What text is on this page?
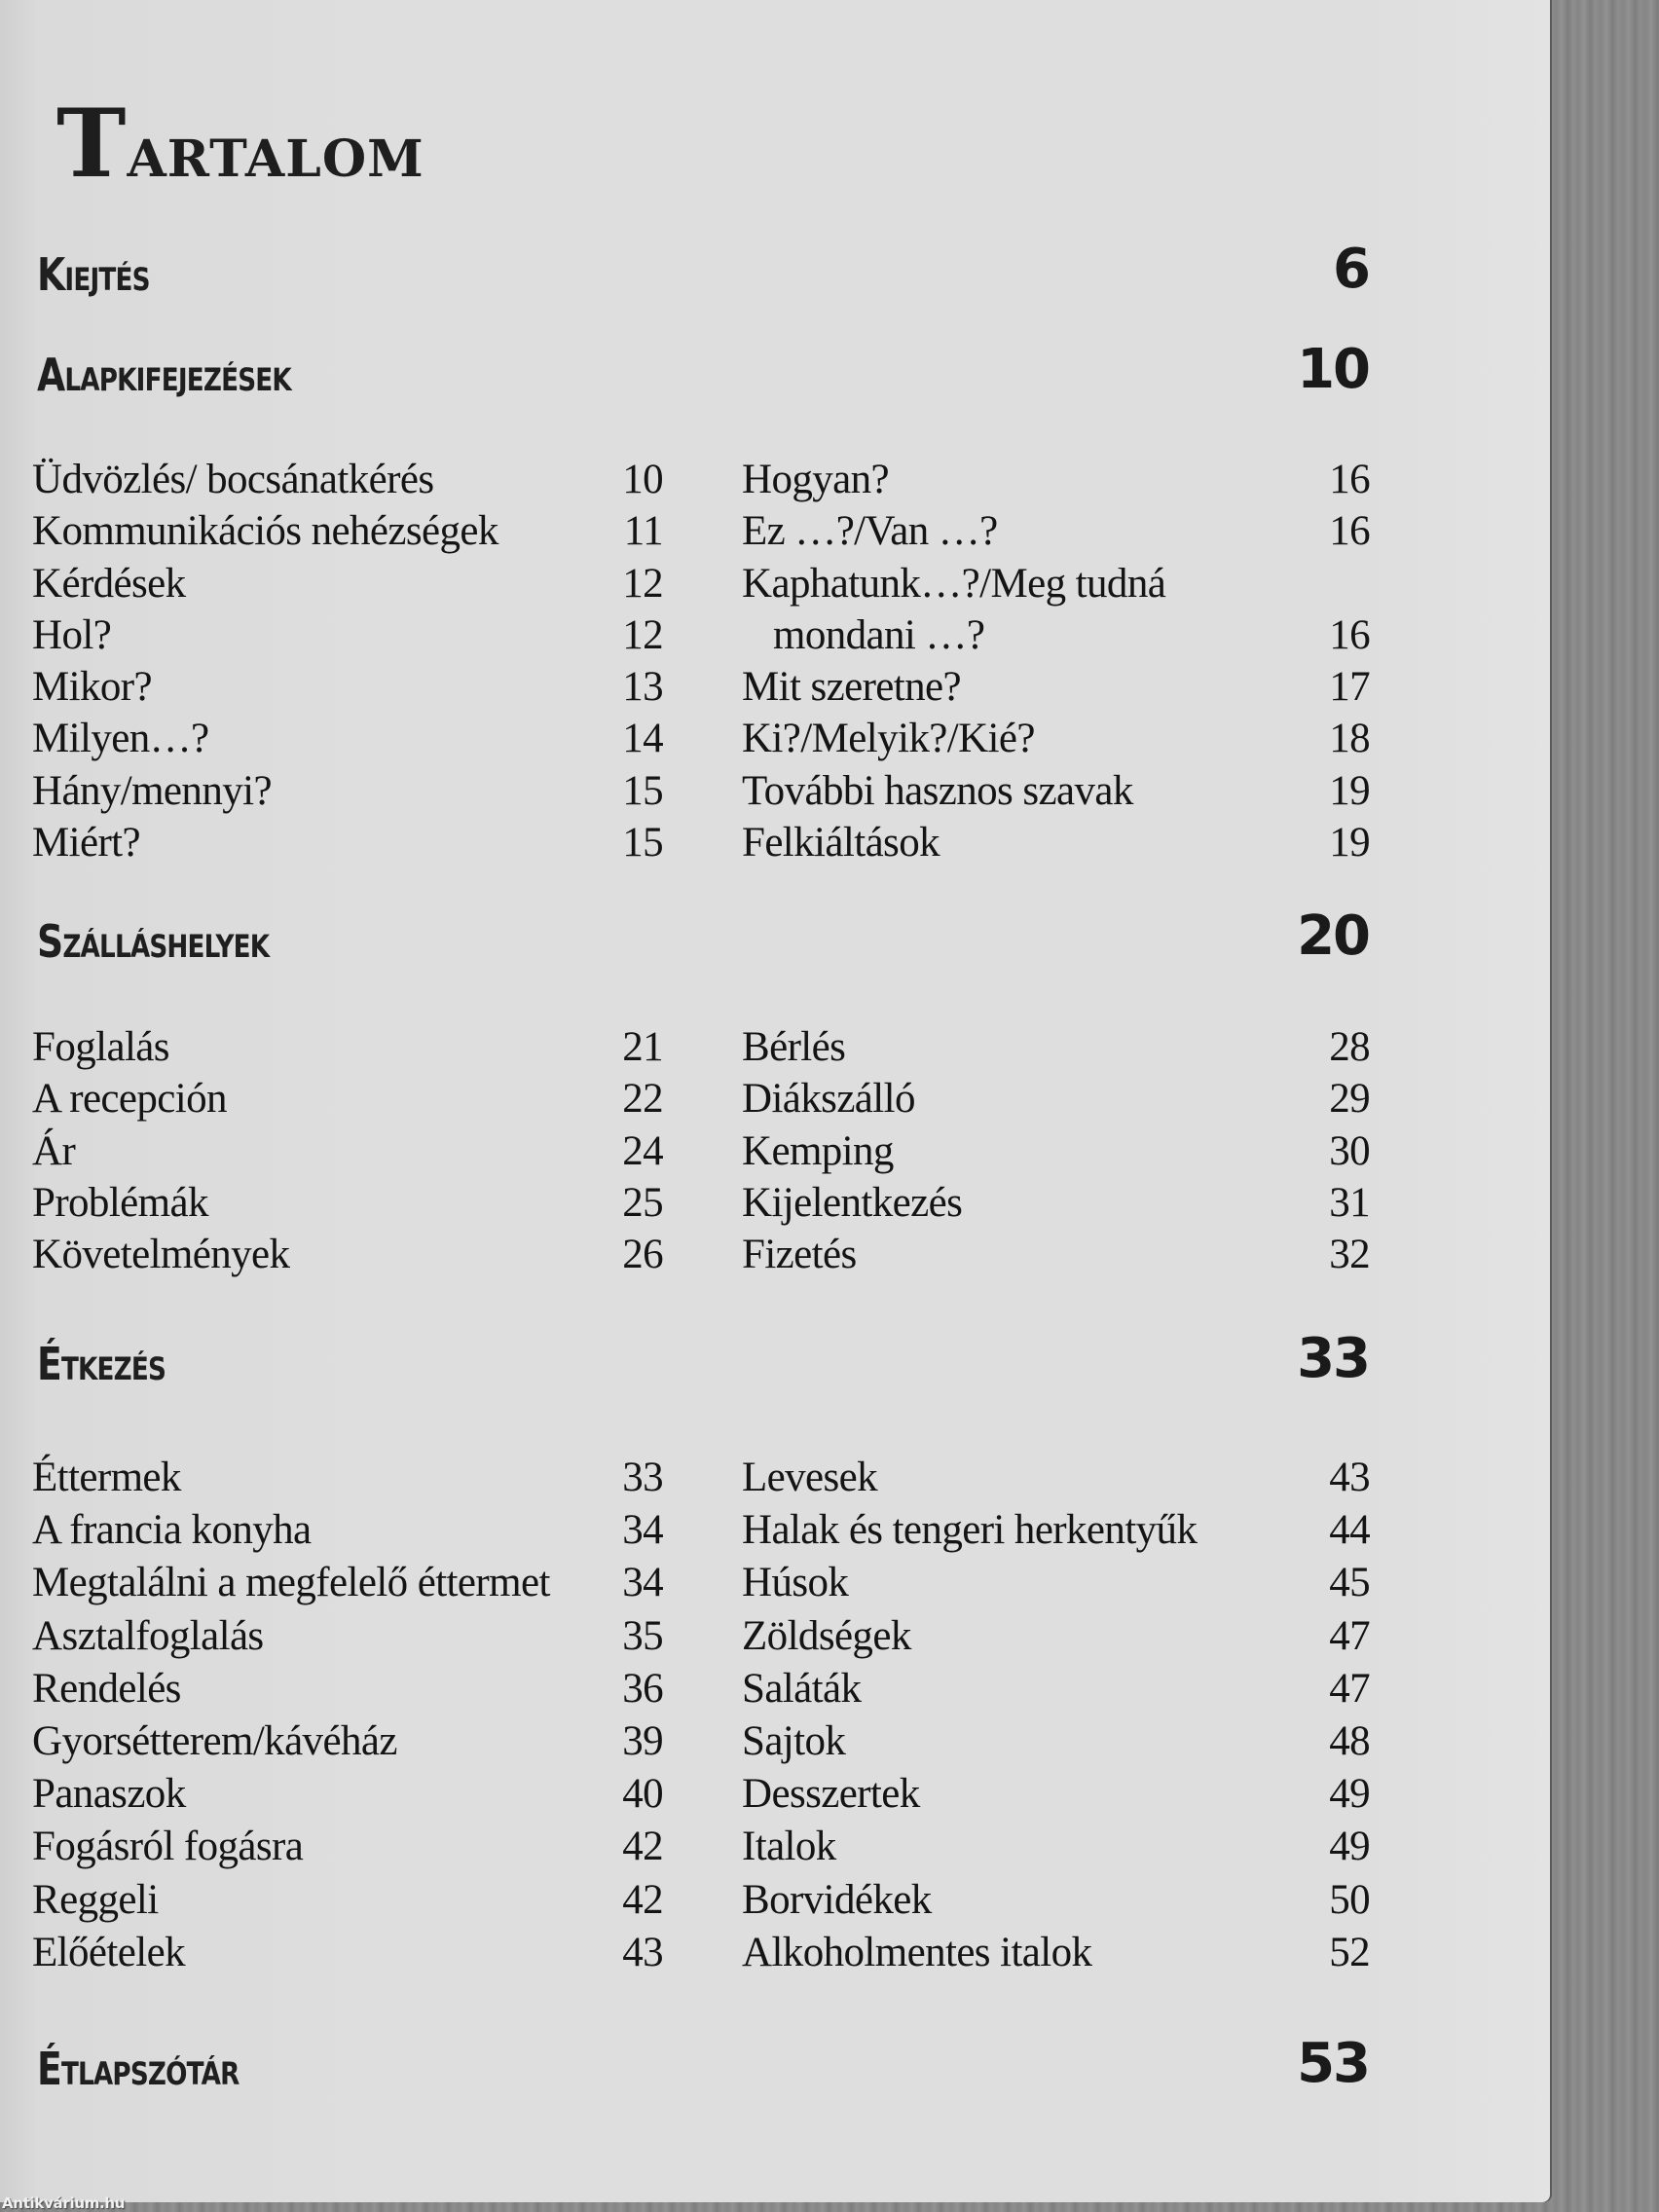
Tartalom
Kiejtés	6
Alapkifejezések	10
Üdvözlés/ bocsánatkérés	10
Kommunikációs nehézségek	11
Kérdések	12
Hol?	12
Mikor?	13
Milyen…?	14
Hány/mennyi?	15
Miért?	15
Hogyan?	16
Ez …?/Van …?	16
Kaphatunk…?/Meg tudná
mondani …?	16
Mit szeretne?	17
Ki?/Melyik?/Kié?	18
További hasznos szavak	19
Felkiáltások	19
Szálláshelyek	20
Foglalás	21
A recepción	22
Ár	24
Problémák	25
Követelmények	26
Bérlés	28
Diákszálló	29
Kemping	30
Kijelentkezés	31
Fizetés	32
Étkezés	33
Éttermek	33
A francia konyha	34
Megtalálni a megfelelő éttermet 34
Asztalfoglalás	35
Rendelés	36
Gyorsétterem/kávéház	39
Panaszok	40
Fogásról fogásra	42
Reggeli	42
Előételek	43
Levesek	43
Halak és tengeri herkentyűk	44
Húsok	45
Zöldségek	47
Saláták	47
Sajtok	48
Desszertek	49
Italok	49
Borvidékek	50
Alkoholmentes italok	52
Étlapszótár	53
Antikvárium.hu
